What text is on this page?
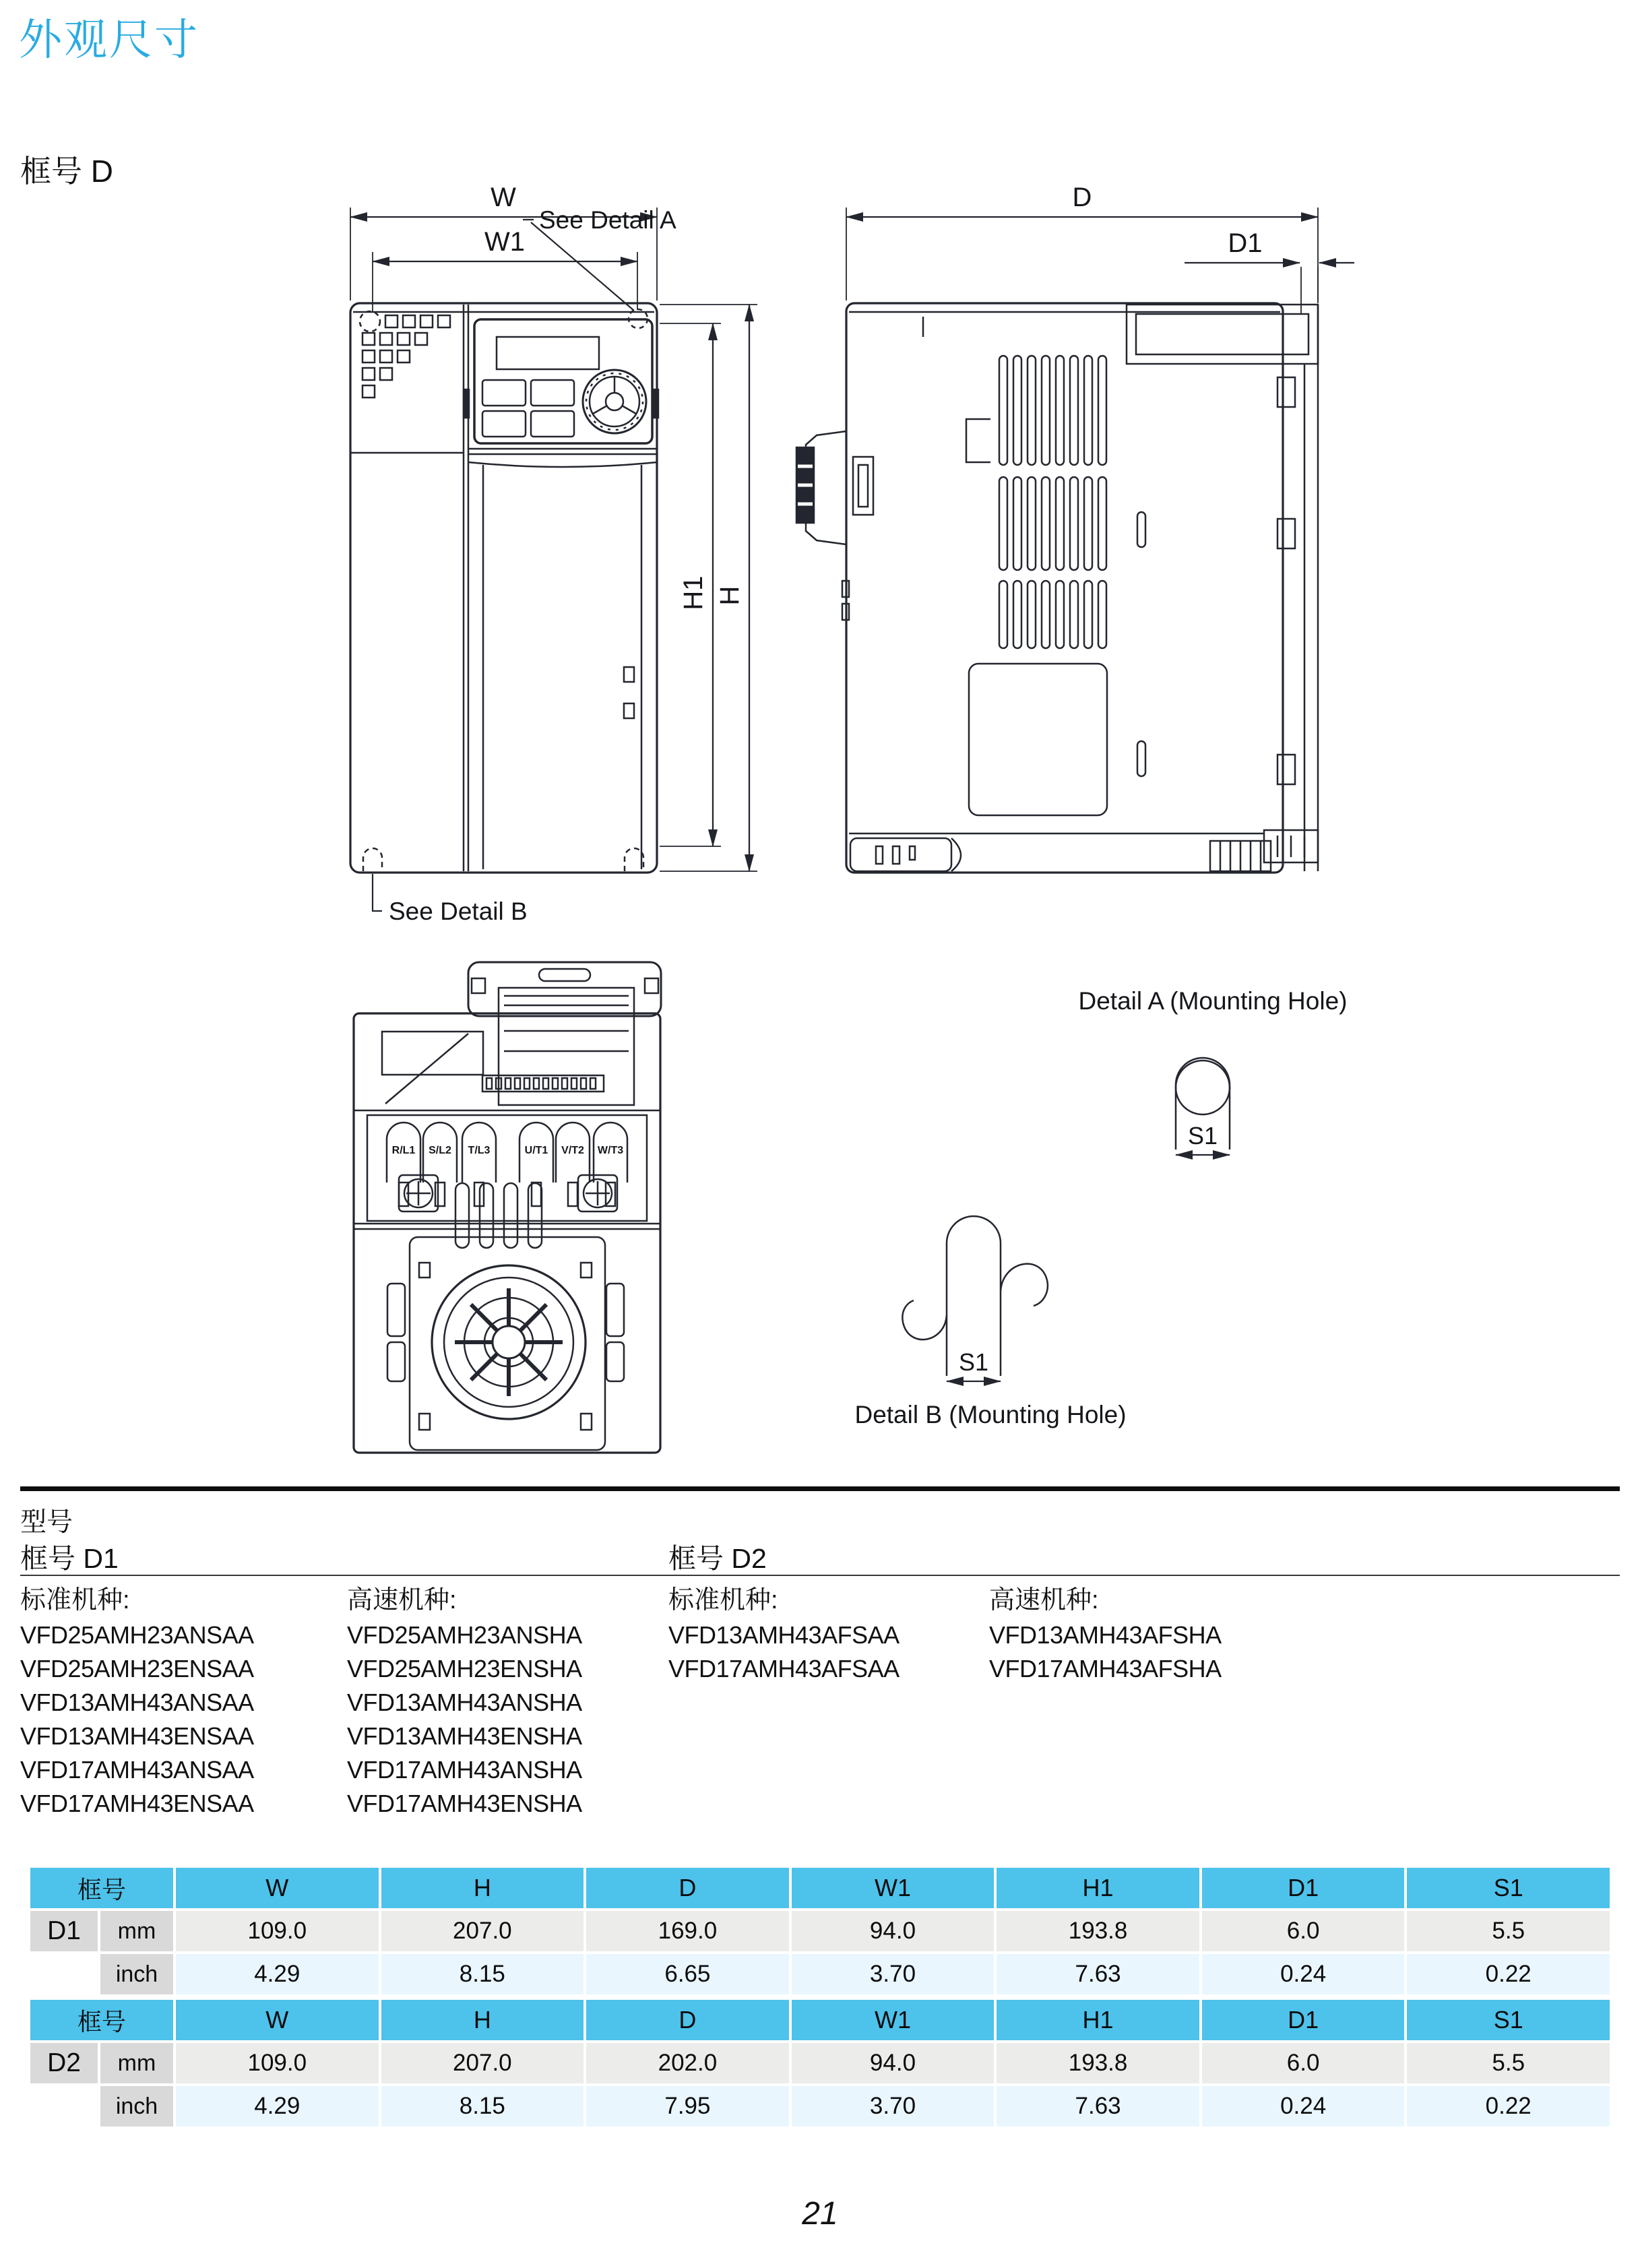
外观尺寸
框号 D
W
W1
H1 H
See Detail A
See Detail B
D
D1
R/L1 S/L2 T/L3	U/T1 V/T2 W/T3
Detail A (Mounting Hole)
S1
S1
Detail B (Mounting Hole)
型号
框号 D1	框号 D2
标准机种:
VFD25AMH23ANSAA
VFD25AMH23ENSAA
VFD13AMH43ANSAA
VFD13AMH43ENSAA
VFD17AMH43ANSAA
VFD17AMH43ENSAA
高速机种:
VFD25AMH23ANSHA
VFD25AMH23ENSHA
VFD13AMH43ANSHA
VFD13AMH43ENSHA
VFD17AMH43ANSHA
VFD17AMH43ENSHA
标准机种:
VFD13AMH43AFSAA
VFD17AMH43AFSAA
高速机种:
VFD13AMH43AFSHA
VFD17AMH43AFSHA
框号	W	H	D	W1	H1	D1	S1
D1	mm	109.0	207.0	169.0	94.0	193.8	6.0	5.5
inch	4.29	8.15	6.65	3.70	7.63	0.24	0.22
框号	W	H	D	W1	H1	D1	S1
D2	mm	109.0	207.0	202.0	94.0	193.8	6.0	5.5
inch	4.29	8.15	7.95	3.70	7.63	0.24	0.22
21
